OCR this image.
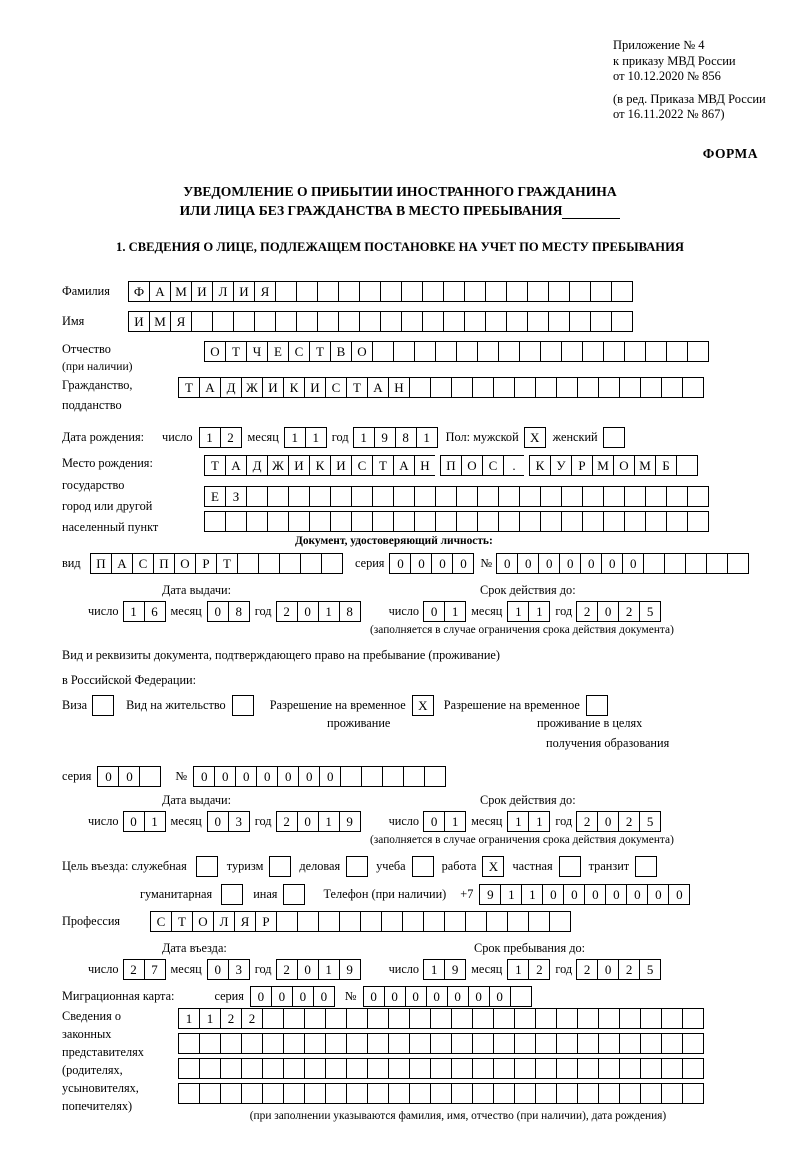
Приложение № 4
к приказу МВД России
от 10.12.2020 № 856
(в ред. Приказа МВД России
от 16.11.2022 № 867)
ФОРМА
УВЕДОМЛЕНИЕ О ПРИБЫТИИ ИНОСТРАННОГО ГРАЖДАНИНА
ИЛИ ЛИЦА БЕЗ ГРАЖДАНСТВА В МЕСТО ПРЕБЫВАНИЯ
1. СВЕДЕНИЯ О ЛИЦЕ, ПОДЛЕЖАЩЕМ ПОСТАНОВКЕ НА УЧЕТ ПО МЕСТУ ПРЕБЫВАНИЯ
Фамилия	Ф А М И Л И Я
Имя	И М Я
Отчество
(при наличии)
О Т Ч Е С Т В О
Гражданство,
подданство
Т А Д Ж И К И С Т А Н
Дата рождения: число	1	2	месяц 1	1	год 1	9	8	1	Пол: мужской X	женский
Место рождения:
государство
город или другой
населенный пункт
Т А Д Ж И К И С Т А Н	П О С	.	К У Р М О М Б
Е	З
Документ, удостоверяющий личность:
вид	П А С П О Р	Т	серия 0	0	0	0	№ 0	0	0	0	0	0	0
Дата выдачи:	Срок действия до:
число 1	6	месяц 0	8	год 2	0	1	8	число 0	1	месяц 1	1	год 2	0	2	5
(заполняется в случае ограничения срока действия документа)
Вид и реквизиты документа, подтверждающего право на пребывание (проживание)
в Российской Федерации:
Виза	Вид на жительство	Разрешение на временное X	Разрешение на временное
проживание	проживание в целях
получения образования
серия	0	0	№	0	0	0	0	0	0	0
Дата выдачи:	Срок действия до:
число 0	1	месяц 0	3	год 2	0	1	9	число 0	1	месяц 1	1	год 2	0	2	5
(заполняется в случае ограничения срока действия документа)
Цель въезда: служебная	туризм	деловая	учеба	работа X	частная	транзит
гуманитарная	иная	Телефон (при наличии) +7	9	1	1	0	0	0	0	0	0	0
Профессия	С Т О Л Я	Р
Дата въезда:	Срок пребывания до:
число 2	7	месяц 0	3	год 2	0	1	9	число 1	9	месяц 1	2	год 2	0	2	5
Миграционная карта:	серия	0	0	0	0	№	0	0	0	0	0	0	0
Сведения о
законных
представителях
(родителях,
усыновителях,
попечителях)
1	1	2	2
(при заполнении указываются фамилия, имя, отчество (при наличии), дата рождения)
